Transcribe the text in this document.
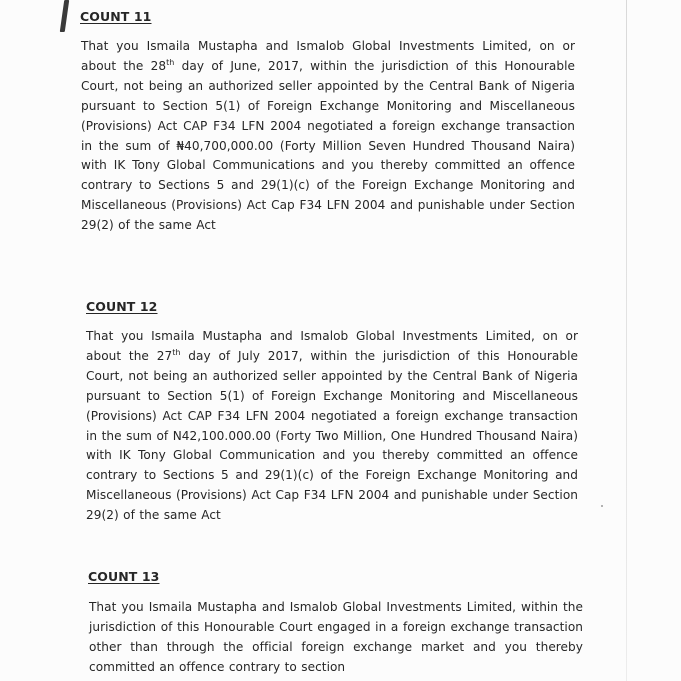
COUNT 11

That you Ismaila Mustapha and Ismalob Global Investments Limited, on or about the 28th day of June, 2017, within the jurisdiction of this Honourable Court, not being an authorized seller appointed by the Central Bank of Nigeria pursuant to Section 5(1) of Foreign Exchange Monitoring and Miscellaneous (Provisions) Act CAP F34 LFN 2004 negotiated a foreign exchange transaction in the sum of ₦40,700,000.00 (Forty Million Seven Hundred Thousand Naira) with IK Tony Global Communications and you thereby committed an offence contrary to Sections 5 and 29(1)(c) of the Foreign Exchange Monitoring and Miscellaneous (Provisions) Act Cap F34 LFN 2004 and punishable under Section 29(2) of the same Act

COUNT 12

That you Ismaila Mustapha and Ismalob Global Investments Limited, on or about the 27th day of July 2017, within the jurisdiction of this Honourable Court, not being an authorized seller appointed by the Central Bank of Nigeria pursuant to Section 5(1) of Foreign Exchange Monitoring and Miscellaneous (Provisions) Act CAP F34 LFN 2004 negotiated a foreign exchange transaction in the sum of N42,100.000.00 (Forty Two Million, One Hundred Thousand Naira) with IK Tony Global Communication and you thereby committed an offence contrary to Sections 5 and 29(1)(c) of the Foreign Exchange Monitoring and Miscellaneous (Provisions) Act Cap F34 LFN 2004 and punishable under Section 29(2) of the same Act

COUNT 13

That you Ismaila Mustapha and Ismalob Global Investments Limited, within the jurisdiction of this Honourable Court engaged in a foreign exchange transaction other than through the official foreign exchange market and you thereby committed an offence contrary to section
